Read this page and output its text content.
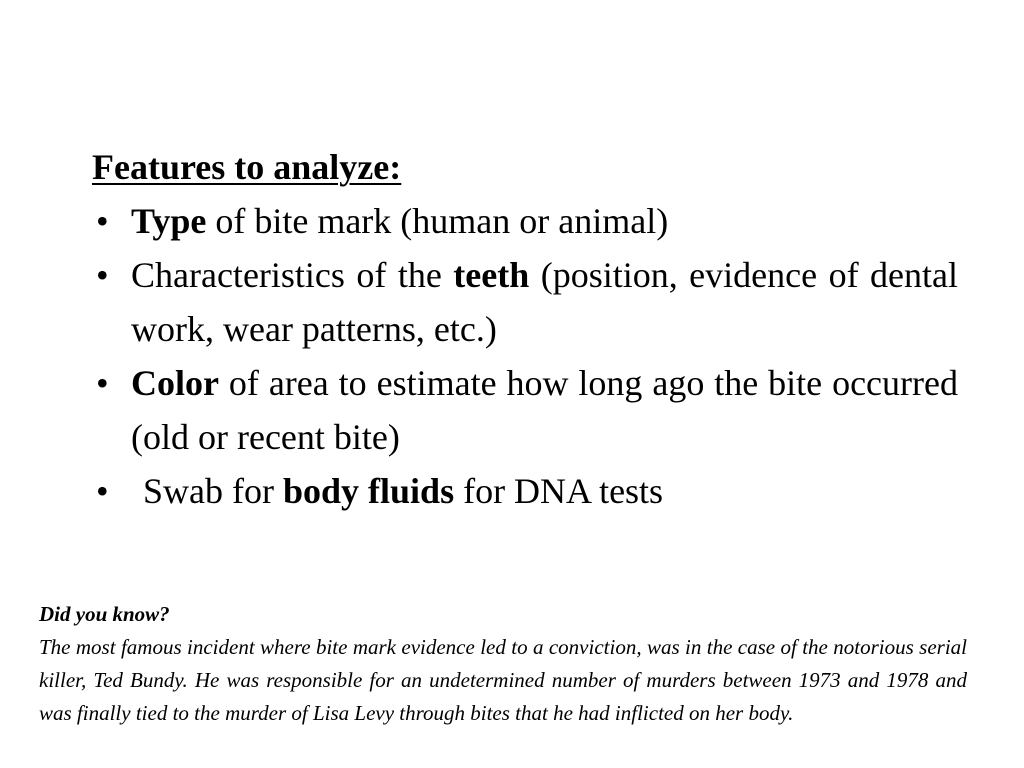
Features to analyze:

• Type of bite mark (human or animal)
• Characteristics of the teeth (position, evidence of dental work, wear patterns, etc.)
• Color of area to estimate how long ago the bite occurred (old or recent bite)
• Swab for body fluids for DNA tests

Did you know?

The most famous incident where bite mark evidence led to a conviction, was in the case of the notorious serial killer, Ted Bundy. He was responsible for an undetermined number of murders between 1973 and 1978 and was finally tied to the murder of Lisa Levy through bites that he had inflicted on her body.
